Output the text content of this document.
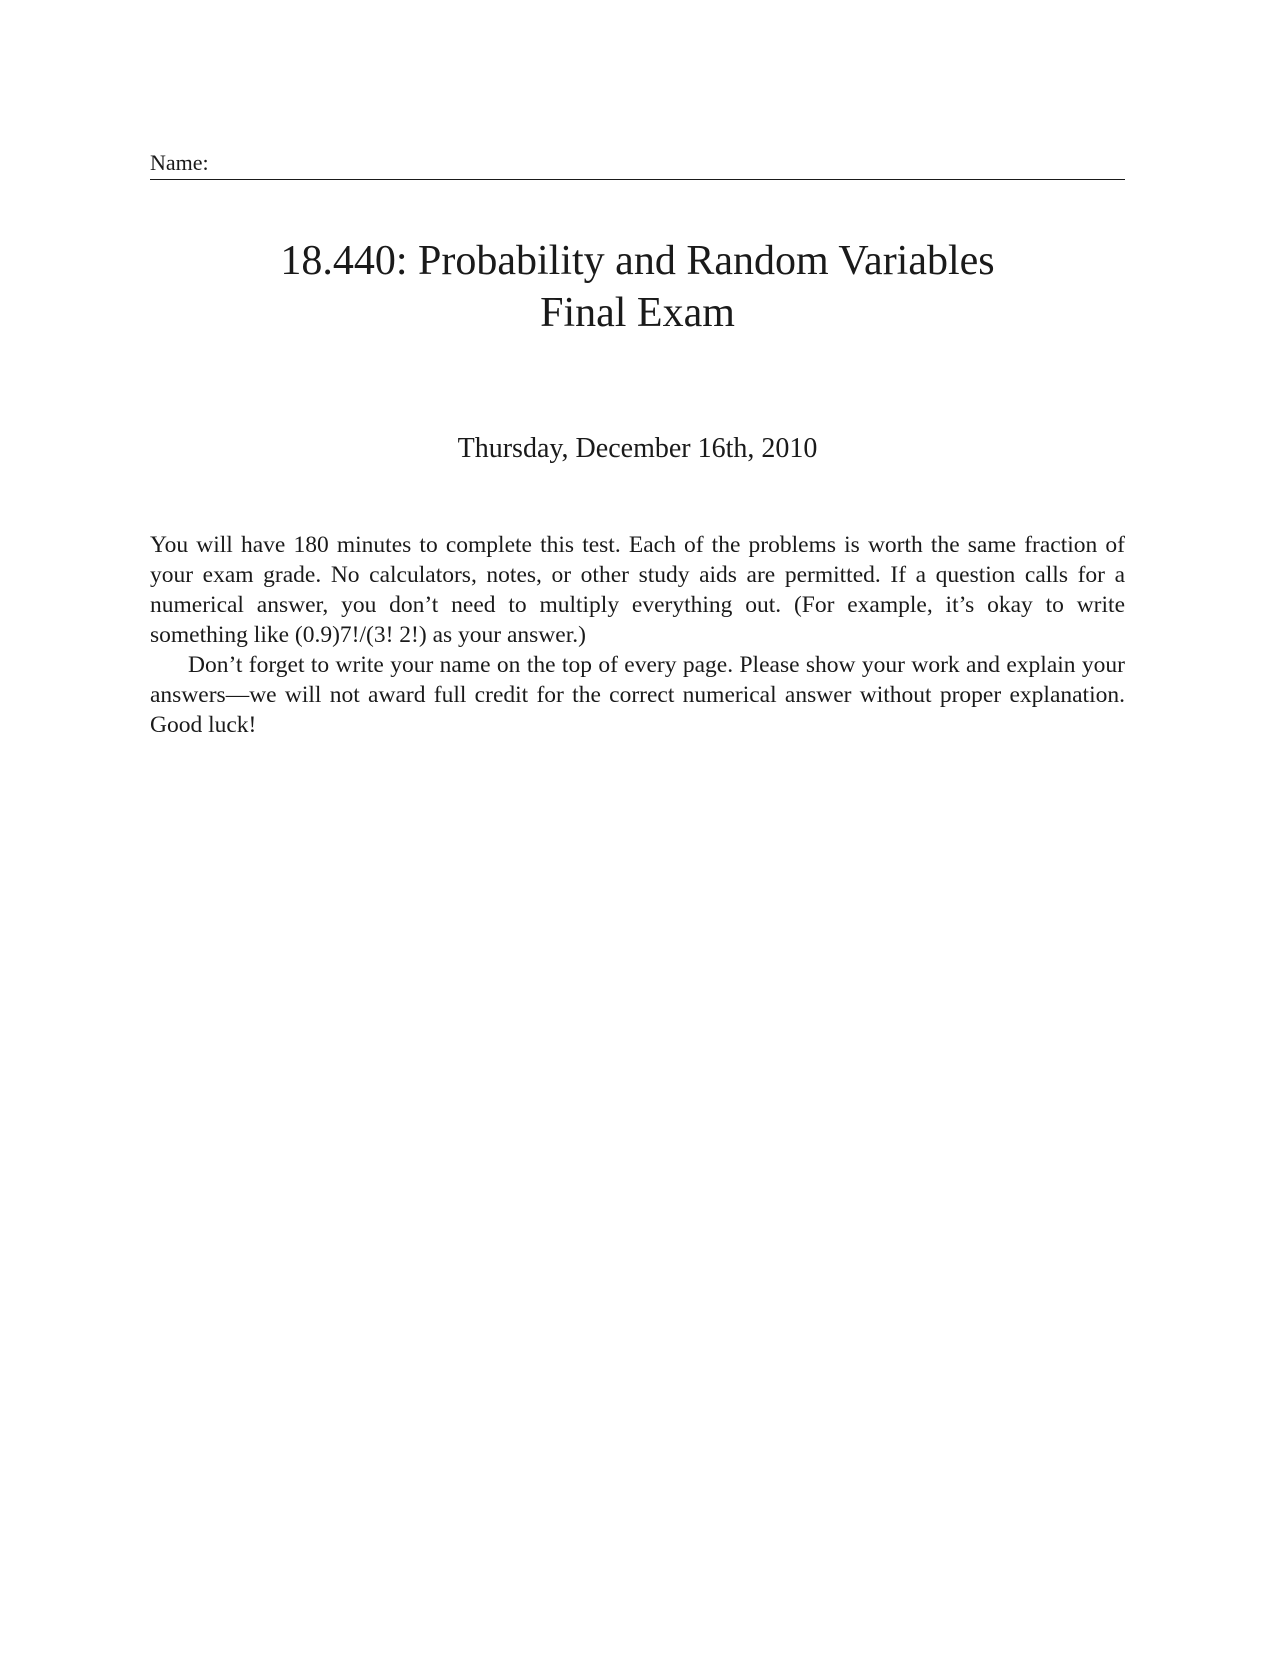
Name:
18.440: Probability and Random Variables
Final Exam
Thursday, December 16th, 2010

You will have 180 minutes to complete this test. Each of the problems is worth the same fraction of your exam grade. No calculators, notes, or other study aids are permitted. If a question calls for a numerical answer, you don’t need to multiply everything out. (For example, it’s okay to write something like (0.9)7!/(3! 2!) as your answer.)

Don’t forget to write your name on the top of every page. Please show your work and explain your answers—we will not award full credit for the correct numerical answer without proper explanation. Good luck!
